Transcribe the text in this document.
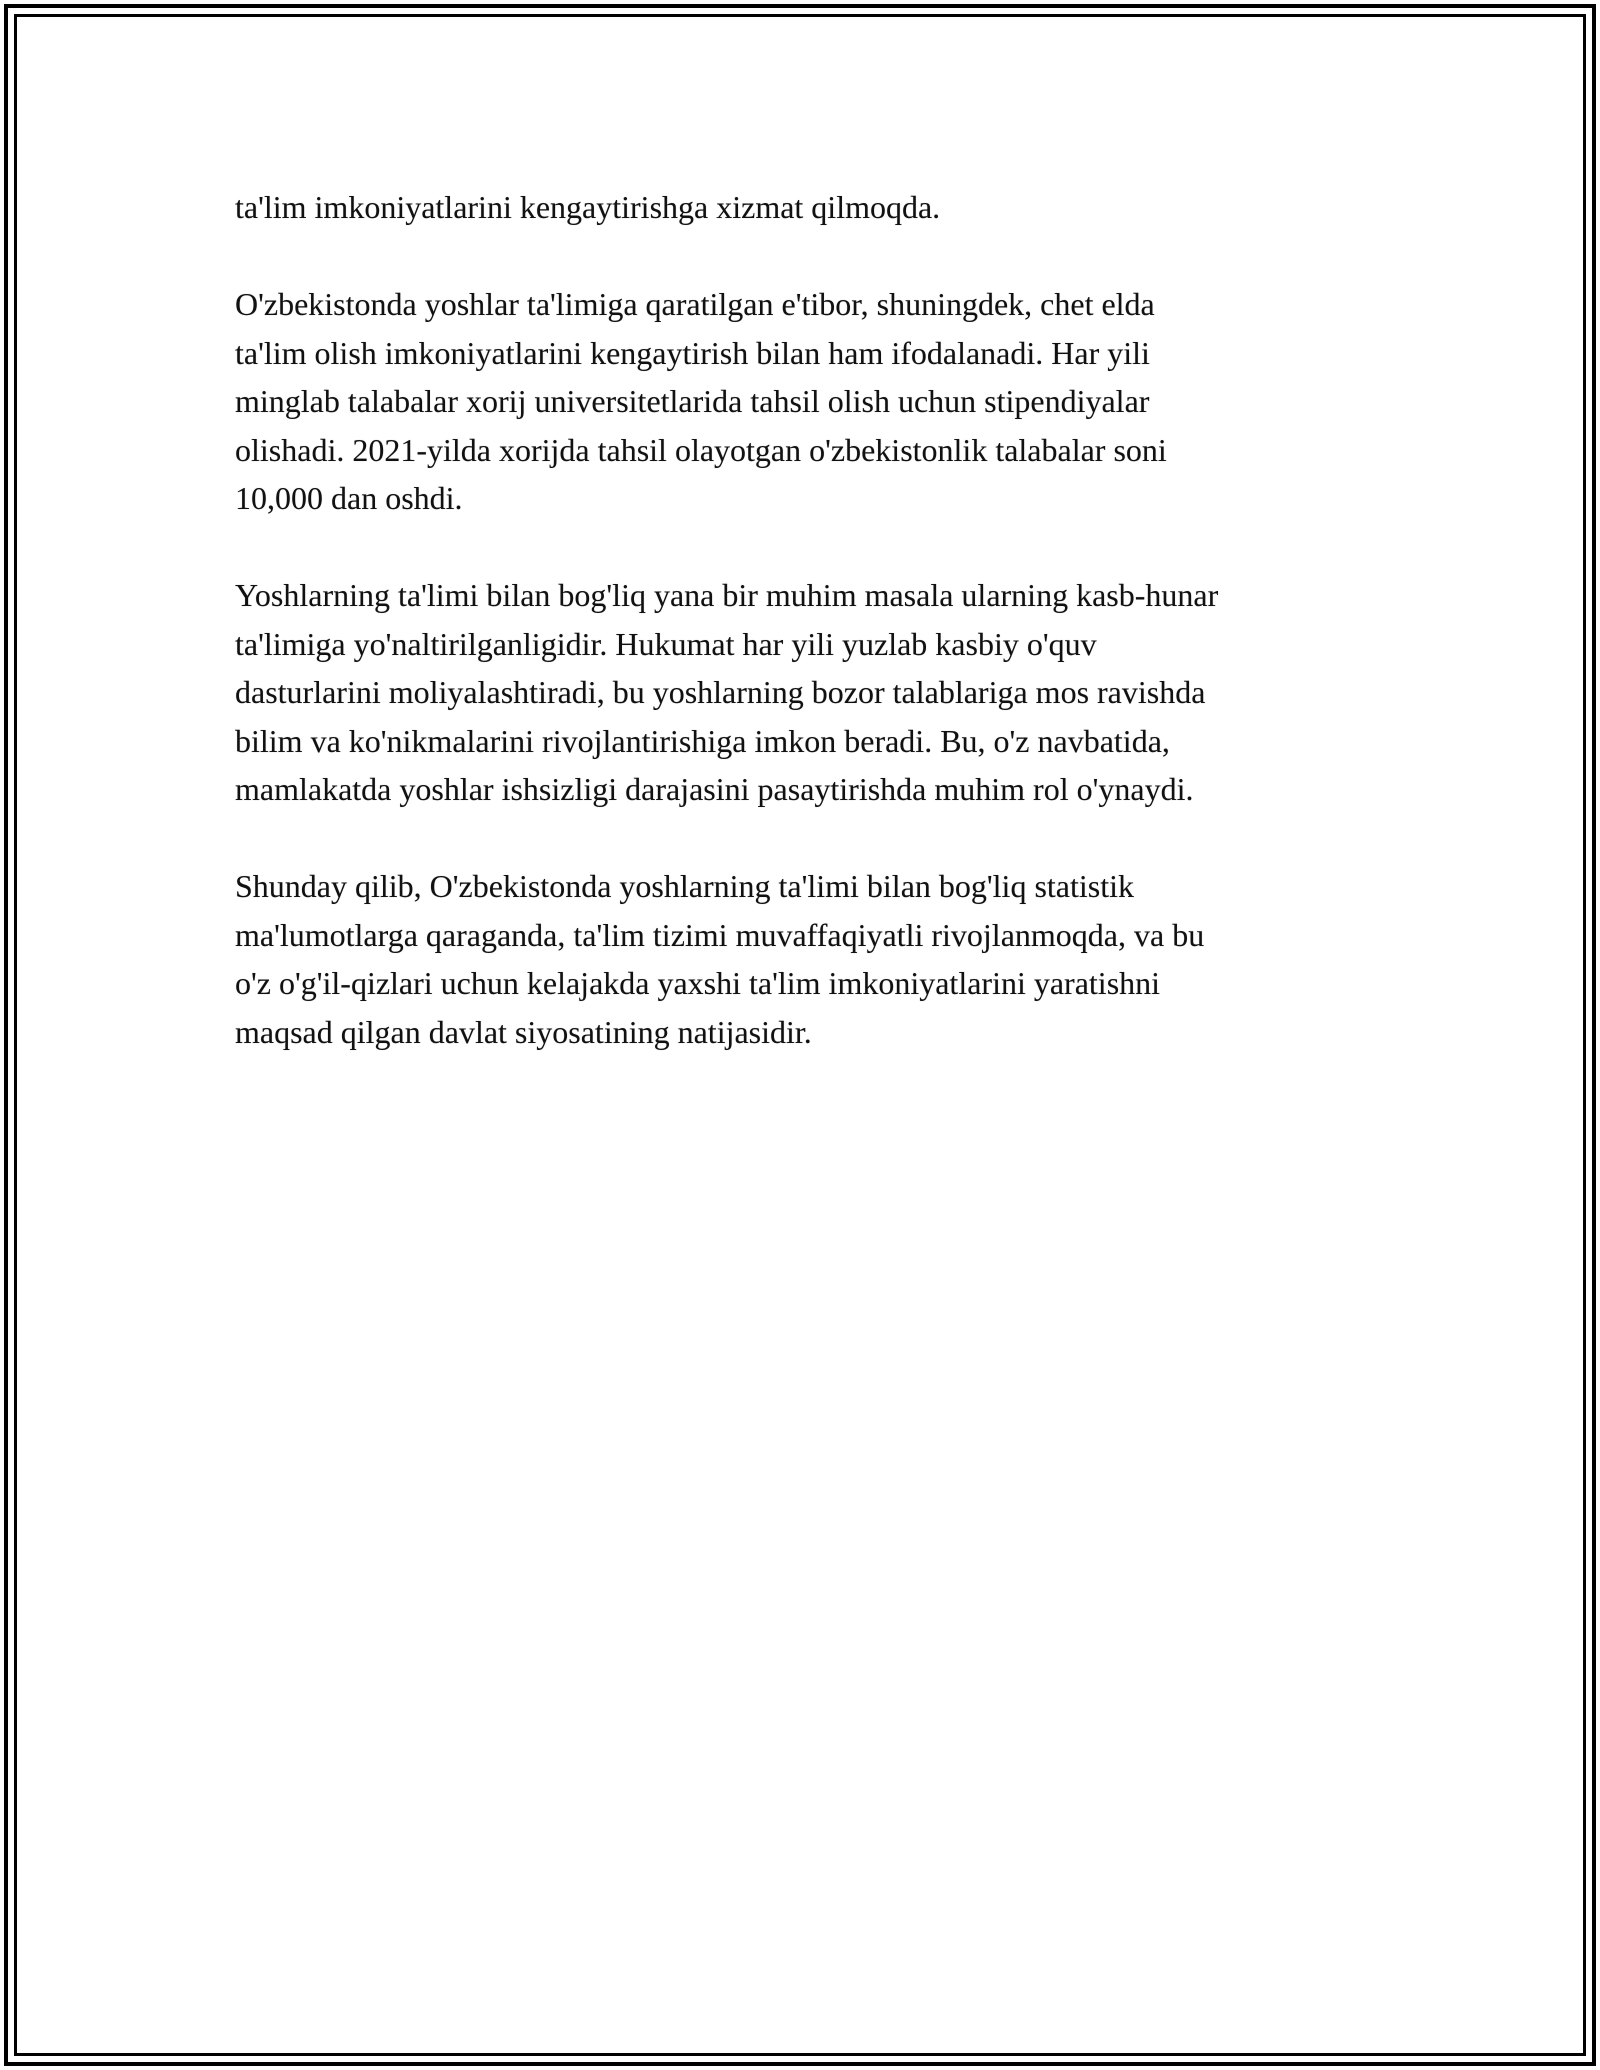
ta'lim imkoniyatlarini kengaytirishga xizmat qilmoqda.
O'zbekistonda yoshlar ta'limiga qaratilgan e'tibor, shuningdek, chet elda
ta'lim olish imkoniyatlarini kengaytirish bilan ham ifodalanadi. Har yili
minglab talabalar xorij universitetlarida tahsil olish uchun stipendiyalar
olishadi. 2021-yilda xorijda tahsil olayotgan o'zbekistonlik talabalar soni
10,000 dan oshdi.
Yoshlarning ta'limi bilan bog'liq yana bir muhim masala ularning kasb-hunar
ta'limiga yo'naltirilganligidir. Hukumat har yili yuzlab kasbiy o'quv
dasturlarini moliyalashtiradi, bu yoshlarning bozor talablariga mos ravishda
bilim va ko'nikmalarini rivojlantirishiga imkon beradi. Bu, o'z navbatida,
mamlakatda yoshlar ishsizligi darajasini pasaytirishda muhim rol o'ynaydi.
Shunday qilib, O'zbekistonda yoshlarning ta'limi bilan bog'liq statistik
ma'lumotlarga qaraganda, ta'lim tizimi muvaffaqiyatli rivojlanmoqda, va bu
o'z o'g'il-qizlari uchun kelajakda yaxshi ta'lim imkoniyatlarini yaratishni
maqsad qilgan davlat siyosatining natijasidir.
